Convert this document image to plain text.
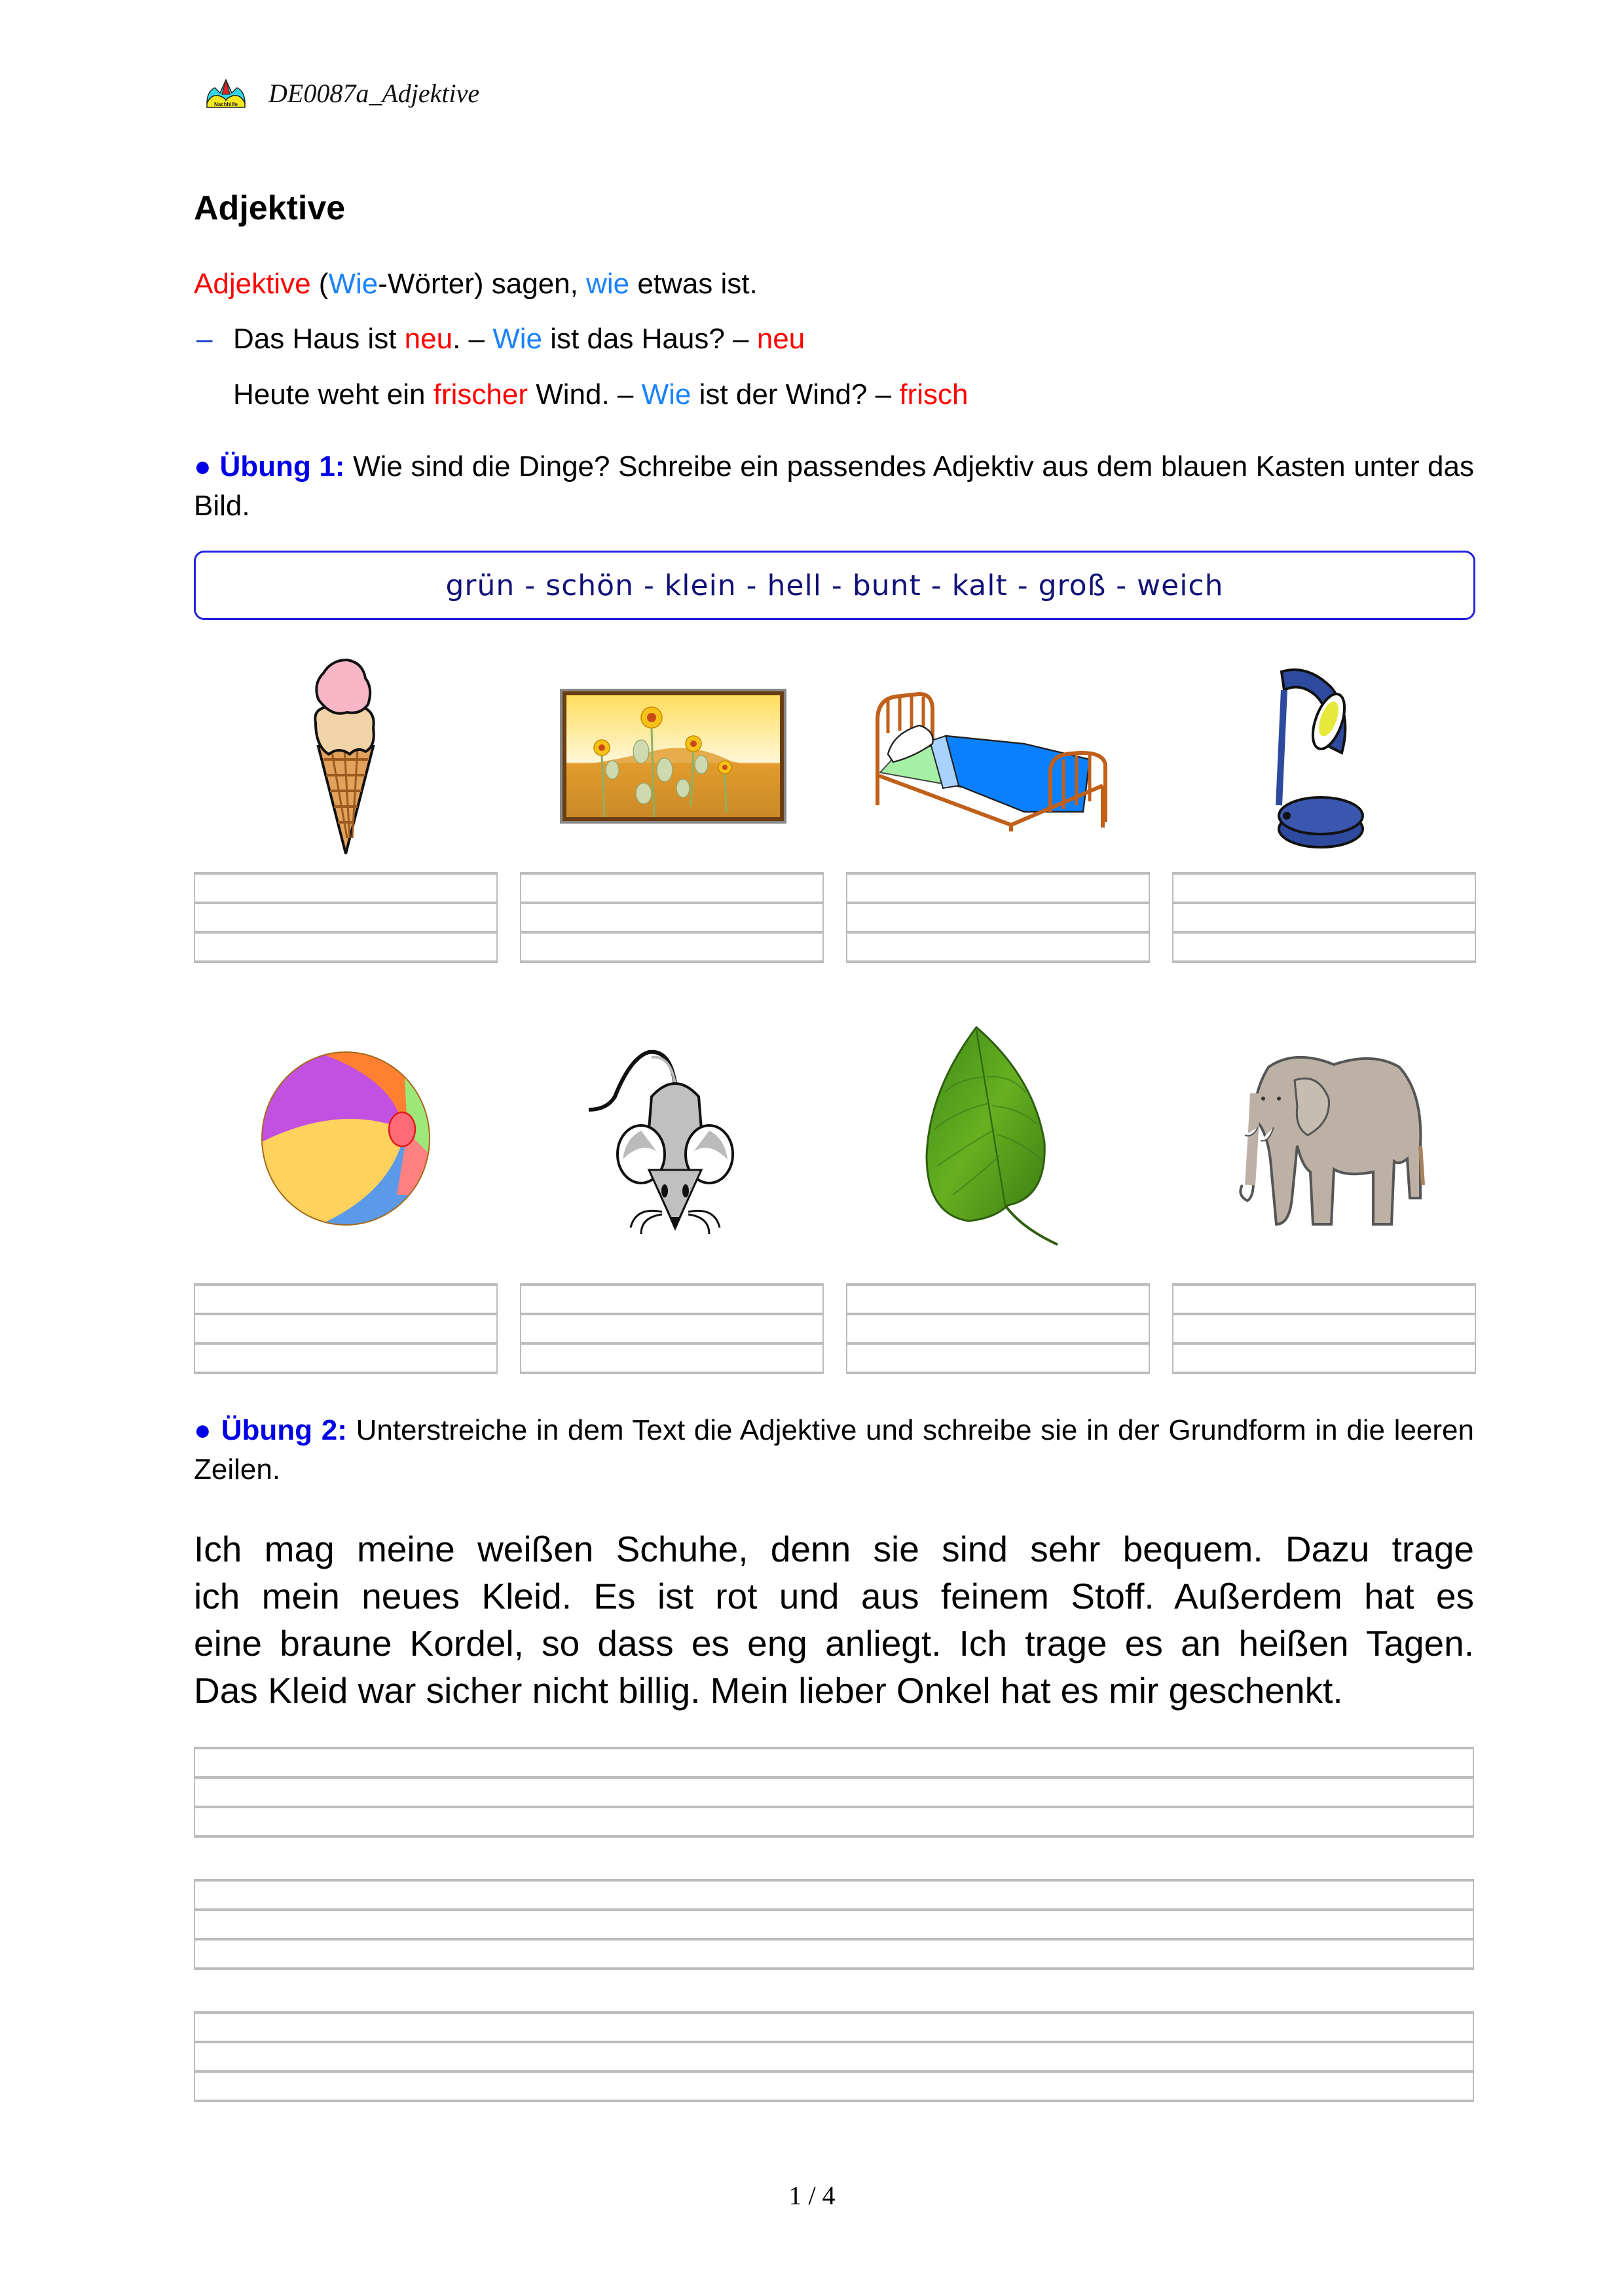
Nachhilfe DE0087a_Adjektive
Adjektive
Adjektive (Wie-Wörter) sagen, wie etwas ist.
– Das Haus ist neu. – Wie ist das Haus? – neu
Heute weht ein frischer Wind. – Wie ist der Wind? – frisch
● Übung 1: Wie sind die Dinge? Schreibe ein passendes Adjektiv aus dem blauen Kasten unter das Bild.
grün - schön - klein - hell - bunt - kalt - groß - weich
● Übung 2: Unterstreiche in dem Text die Adjektive und schreibe sie in der Grundform in die leeren Zeilen.
Ich mag meine weißen Schuhe, denn sie sind sehr bequem. Dazu trage
ich mein neues Kleid. Es ist rot und aus feinem Stoff. Außerdem hat es
eine braune Kordel, so dass es eng anliegt. Ich trage es an heißen Tagen.
Das Kleid war sicher nicht billig. Mein lieber Onkel hat es mir geschenkt.
1 / 4
